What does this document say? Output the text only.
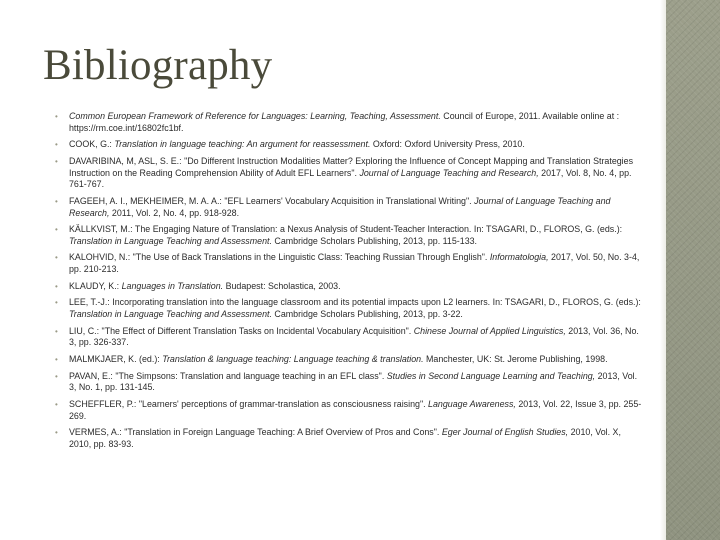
Bibliography
• Common European Framework of Reference for Languages: Learning, Teaching, Assessment. Council of Europe, 2011. Available online at : https://rm.coe.int/16802fc1bf.
• COOK, G.: Translation in language teaching: An argument for reassessment. Oxford: Oxford University Press, 2010.
• DAVARIBINA, M, ASL, S. E.: "Do Different Instruction Modalities Matter? Exploring the Influence of Concept Mapping and Translation Strategies Instruction on the Reading Comprehension Ability of Adult EFL Learners". Journal of Language Teaching and Research, 2017, Vol. 8, No. 4, pp. 761-767.
• FAGEEH, A. I., MEKHEIMER, M. A. A.: "EFL Learners' Vocabulary Acquisition in Translational Writing". Journal of Language Teaching and Research, 2011, Vol. 2, No. 4, pp. 918-928.
• KÄLLKVIST, M.: The Engaging Nature of Translation: a Nexus Analysis of Student-Teacher Interaction. In: TSAGARI, D., FLOROS, G. (eds.): Translation in Language Teaching and Assessment. Cambridge Scholars Publishing, 2013, pp. 115-133.
• KALOHVID, N.: "The Use of Back Translations in the Linguistic Class: Teaching Russian Through English". Informatologia, 2017, Vol. 50, No. 3-4, pp. 210-213.
• KLAUDY, K.: Languages in Translation. Budapest: Scholastica, 2003.
• LEE, T.-J.: Incorporating translation into the language classroom and its potential impacts upon L2 learners. In: TSAGARI, D., FLOROS, G. (eds.): Translation in Language Teaching and Assessment. Cambridge Scholars Publishing, 2013, pp. 3-22.
• LIU, C.: "The Effect of Different Translation Tasks on Incidental Vocabulary Acquisition". Chinese Journal of Applied Linguistics, 2013, Vol. 36, No. 3, pp. 326-337.
• MALMKJAER, K. (ed.): Translation & language teaching: Language teaching & translation. Manchester, UK: St. Jerome Publishing, 1998.
• PAVAN, E.: "The Simpsons: Translation and language teaching in an EFL class". Studies in Second Language Learning and Teaching, 2013, Vol. 3, No. 1, pp. 131-145.
• SCHEFFLER, P.: "Learners' perceptions of grammar-translation as consciousness raising". Language Awareness, 2013, Vol. 22, Issue 3, pp. 255-269.
• VERMES, A.: "Translation in Foreign Language Teaching: A Brief Overview of Pros and Cons". Eger Journal of English Studies, 2010, Vol. X, 2010, pp. 83-93.
